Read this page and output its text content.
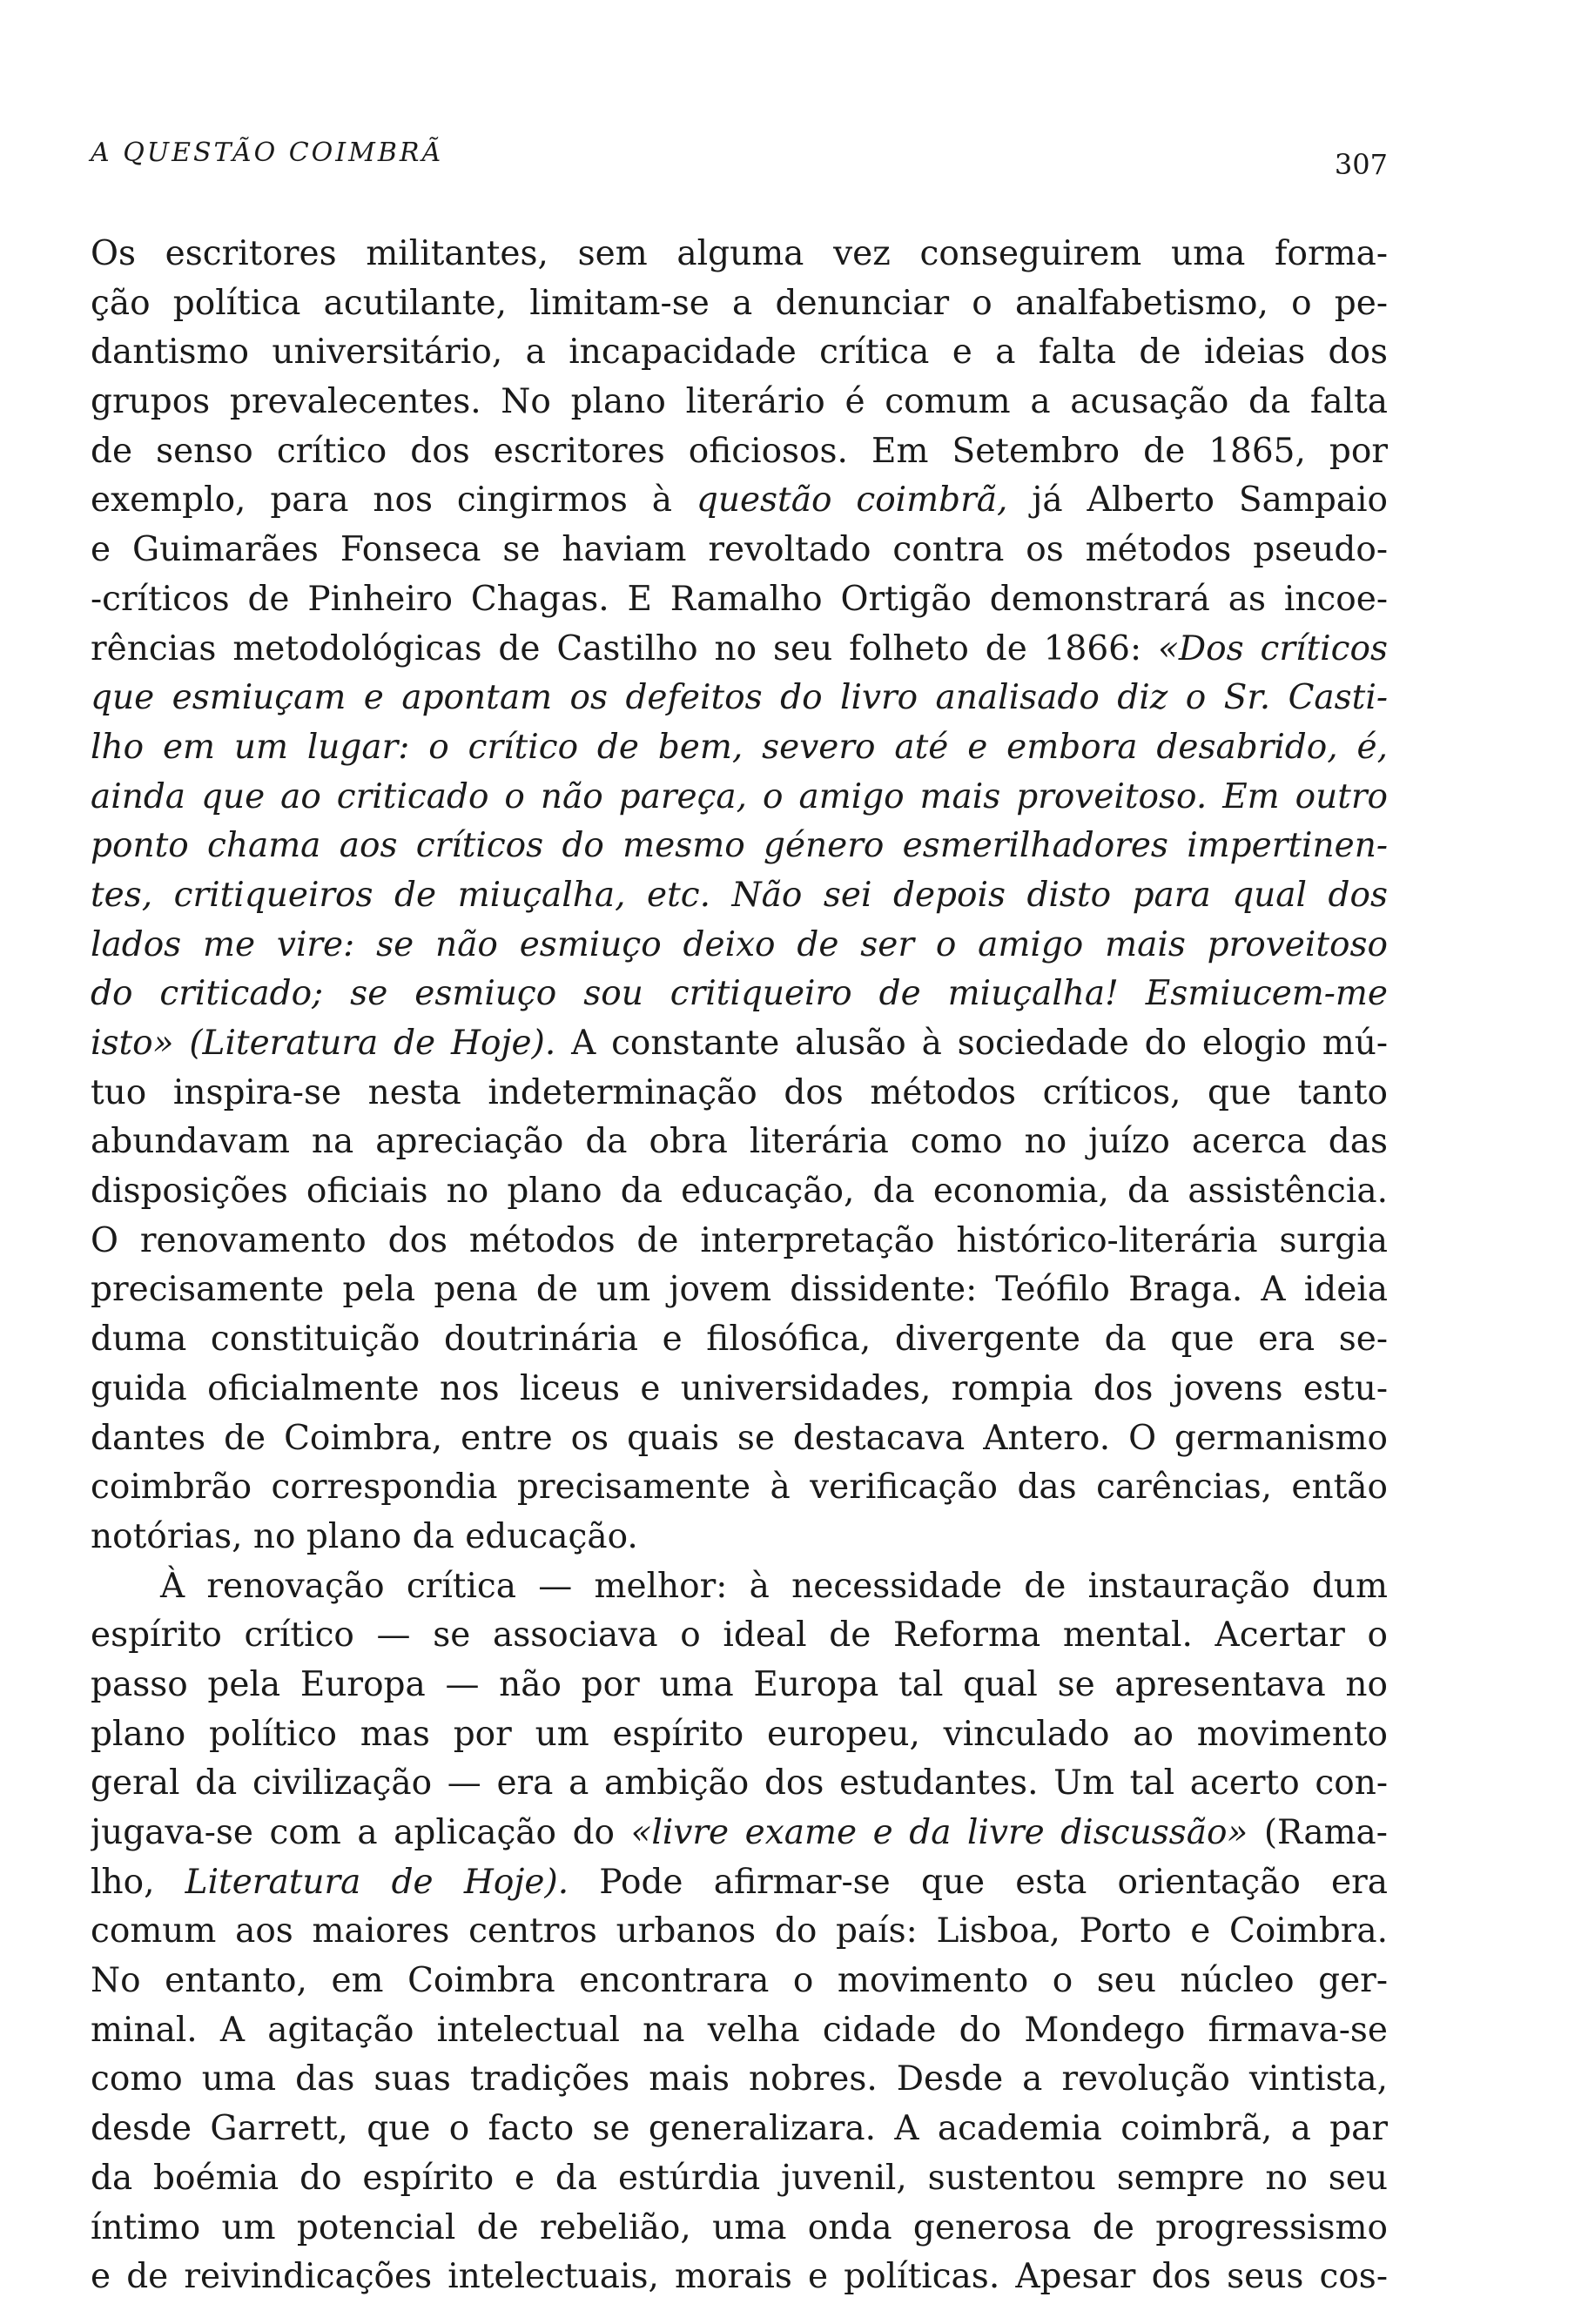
A QUESTÃO COIMBRÃ	307
Os escritores militantes, sem alguma vez conseguirem uma forma-
ção política acutilante, limitam-se a denunciar o analfabetismo, o pe-
dantismo universitário, a incapacidade crítica e a falta de ideias dos
grupos prevalecentes. No plano literário é comum a acusação da falta
de senso crítico dos escritores oficiosos. Em Setembro de 1865, por
exemplo, para nos cingirmos à questão coimbrã, já Alberto Sampaio
e Guimarães Fonseca se haviam revoltado contra os métodos pseudo-
-críticos de Pinheiro Chagas. E Ramalho Ortigão demonstrará as incoe-
rências metodológicas de Castilho no seu folheto de 1866: «Dos críticos
que esmiuçam e apontam os defeitos do livro analisado diz o Sr. Casti-
lho em um lugar: o crítico de bem, severo até e embora desabrido, é,
ainda que ao criticado o não pareça, o amigo mais proveitoso. Em outro
ponto chama aos críticos do mesmo género esmerilhadores impertinen-
tes, critiqueiros de miuçalha, etc. Não sei depois disto para qual dos
lados me vire: se não esmiuço deixo de ser o amigo mais proveitoso
do criticado; se esmiuço sou critiqueiro de miuçalha! Esmiucem-me
isto» (Literatura de Hoje). A constante alusão à sociedade do elogio mú-
tuo inspira-se nesta indeterminação dos métodos críticos, que tanto
abundavam na apreciação da obra literária como no juízo acerca das
disposições oficiais no plano da educação, da economia, da assistência.
O renovamento dos métodos de interpretação histórico-literária surgia
precisamente pela pena de um jovem dissidente: Teófilo Braga. A ideia
duma constituição doutrinária e filosófica, divergente da que era se-
guida oficialmente nos liceus e universidades, rompia dos jovens estu-
dantes de Coimbra, entre os quais se destacava Antero. O germanismo
coimbrão correspondia precisamente à verificação das carências, então
notórias, no plano da educação.
À renovação crítica — melhor: à necessidade de instauração dum
espírito crítico — se associava o ideal de Reforma mental. Acertar o
passo pela Europa — não por uma Europa tal qual se apresentava no
plano político mas por um espírito europeu, vinculado ao movimento
geral da civilização — era a ambição dos estudantes. Um tal acerto con-
jugava-se com a aplicação do «livre exame e da livre discussão» (Rama-
lho, Literatura de Hoje). Pode afirmar-se que esta orientação era
comum aos maiores centros urbanos do país: Lisboa, Porto e Coimbra.
No entanto, em Coimbra encontrara o movimento o seu núcleo ger-
minal. A agitação intelectual na velha cidade do Mondego firmava-se
como uma das suas tradições mais nobres. Desde a revolução vintista,
desde Garrett, que o facto se generalizara. A academia coimbrã, a par
da boémia do espírito e da estúrdia juvenil, sustentou sempre no seu
íntimo um potencial de rebelião, uma onda generosa de progressismo
e de reivindicações intelectuais, morais e políticas. Apesar dos seus cos-
